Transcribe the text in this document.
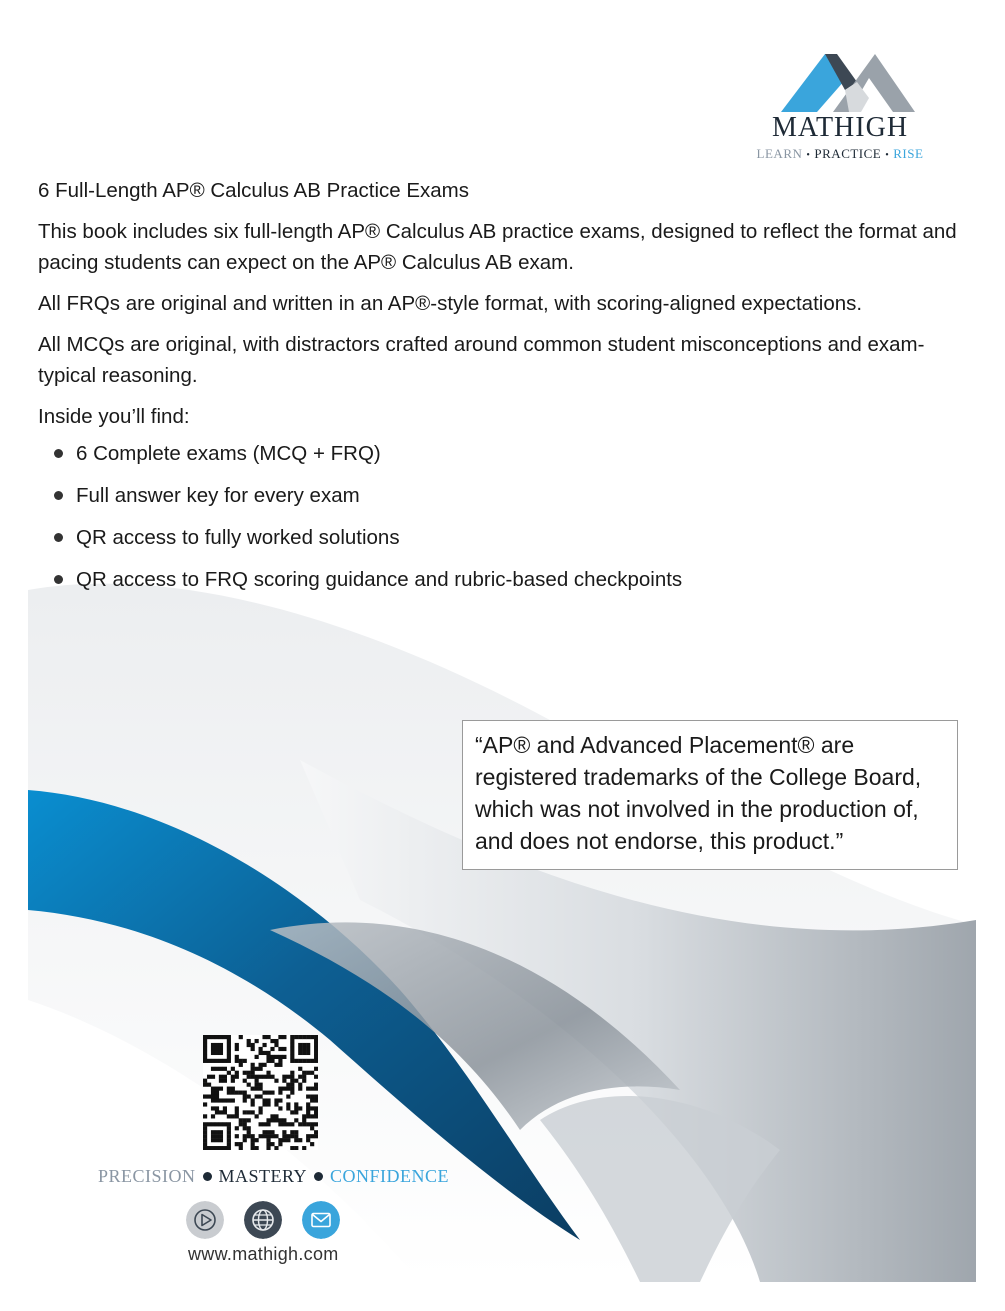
MATHIGH
LEARN • PRACTICE • RISE

6 Full-Length AP® Calculus AB Practice Exams

This book includes six full-length AP® Calculus AB practice exams, designed to reflect the format and pacing students can expect on the AP® Calculus AB exam.

All FRQs are original and written in an AP®-style format, with scoring-aligned expectations.

All MCQs are original, with distractors crafted around common student misconceptions and exam-typical reasoning.

Inside you’ll find:

6 Complete exams (MCQ + FRQ)
Full answer key for every exam
QR access to fully worked solutions
QR access to FRQ scoring guidance and rubric-based checkpoints
“AP® and Advanced Placement® are
registered trademarks of the College Board,
which was not involved in the production of,
and does not endorse, this product.”
PRECISION MASTERY CONFIDENCE
www.mathigh.com
